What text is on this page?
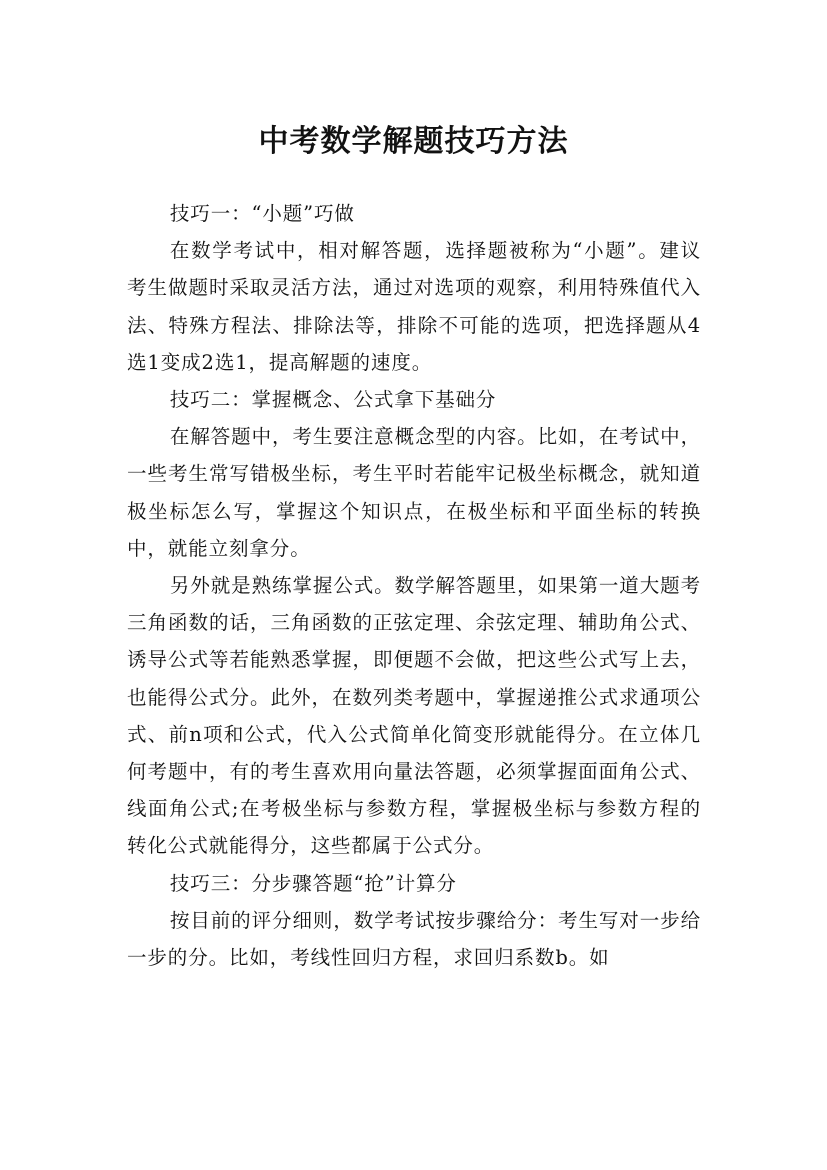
中考数学解题技巧方法

技巧一：“小题”巧做

在数学考试中，相对解答题，选择题被称为“小题”。建议考生做题时采取灵活方法，通过对选项的观察，利用特殊值代入法、特殊方程法、排除法等，排除不可能的选项，把选择题从4选1变成2选1，提高解题的速度。

技巧二：掌握概念、公式拿下基础分

在解答题中，考生要注意概念型的内容。比如，在考试中，一些考生常写错极坐标，考生平时若能牢记极坐标概念，就知道极坐标怎么写，掌握这个知识点，在极坐标和平面坐标的转换中，就能立刻拿分。

另外就是熟练掌握公式。数学解答题里，如果第一道大题考三角函数的话，三角函数的正弦定理、余弦定理、辅助角公式、诱导公式等若能熟悉掌握，即便题不会做，把这些公式写上去，也能得公式分。此外，在数列类考题中，掌握递推公式求通项公式、前n项和公式，代入公式简单化简变形就能得分。在立体几何考题中，有的考生喜欢用向量法答题，必须掌握面面角公式、线面角公式;在考极坐标与参数方程，掌握极坐标与参数方程的转化公式就能得分，这些都属于公式分。

技巧三：分步骤答题“抢”计算分

按目前的评分细则，数学考试按步骤给分：考生写对一步给一步的分。比如，考线性回归方程，求回归系数b。如
